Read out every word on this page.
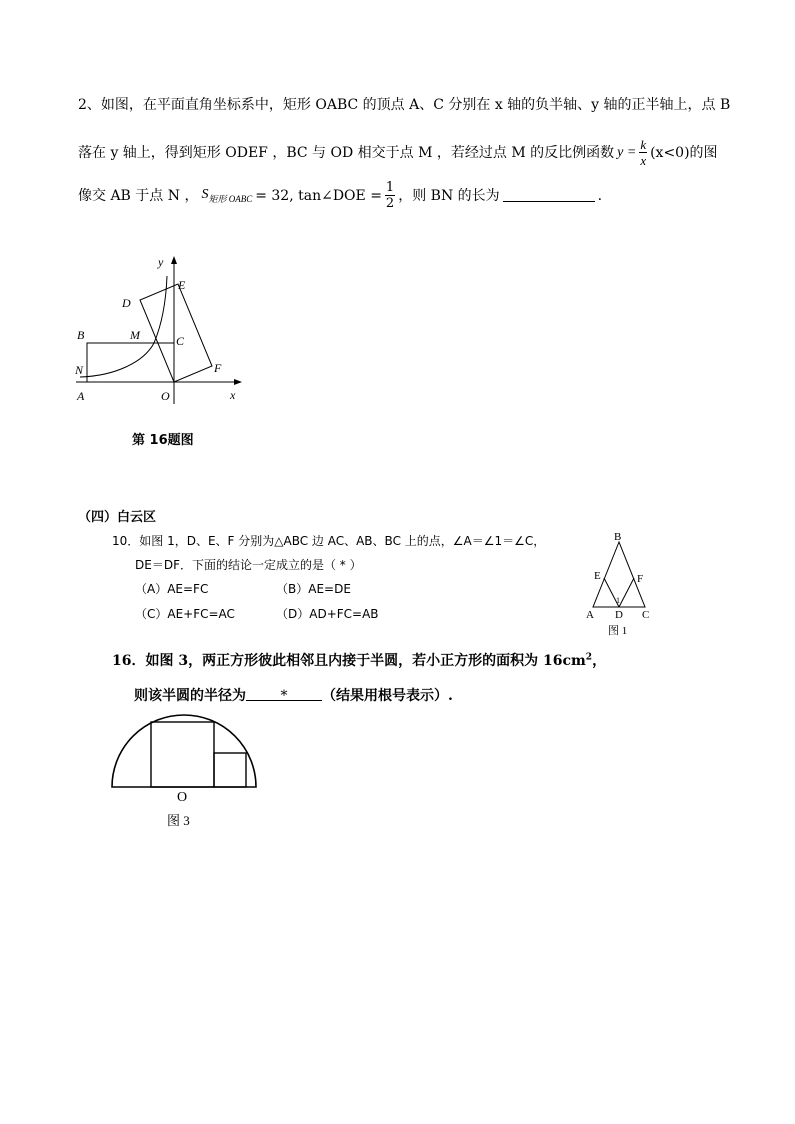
2、如图，在平面直角坐标系中，矩形 OABC 的顶点 A、C 分别在 x 轴的负半轴、y 轴的正半轴上，点 B
落在 y 轴上，得到矩形 ODEF ，BC 与 OD 相交于点 M ，若经过点 M 的反比例函数 $y = \frac{k}{x} (x<0)$的图
像交 AB 于点 N ， $S_{矩形 OABC} = 32$, tan∠DOE = $\frac{1}{2}$ ，则 BN 的长为	.
y
E
D
B	M	C
N	F
A	O	x
第 16题图
（四）白云区
10．如图 1，D、E、F 分别为△ABC 边 AC、AB、BC 上的点，∠A＝∠1＝∠C，
DE＝DF．下面的结论一定成立的是（ * ）
（A）AE=FC	（B）AE=DE
（C）AE+FC=AC	（D）AD+FC=AB
B
E	F
1
A D C
图 1
16．如图 3，两正方形彼此相邻且内接于半圆，若小正方形的面积为 $16cm^2$，
则该半圆的半径为 * （结果用根号表示）.
O
图 3
